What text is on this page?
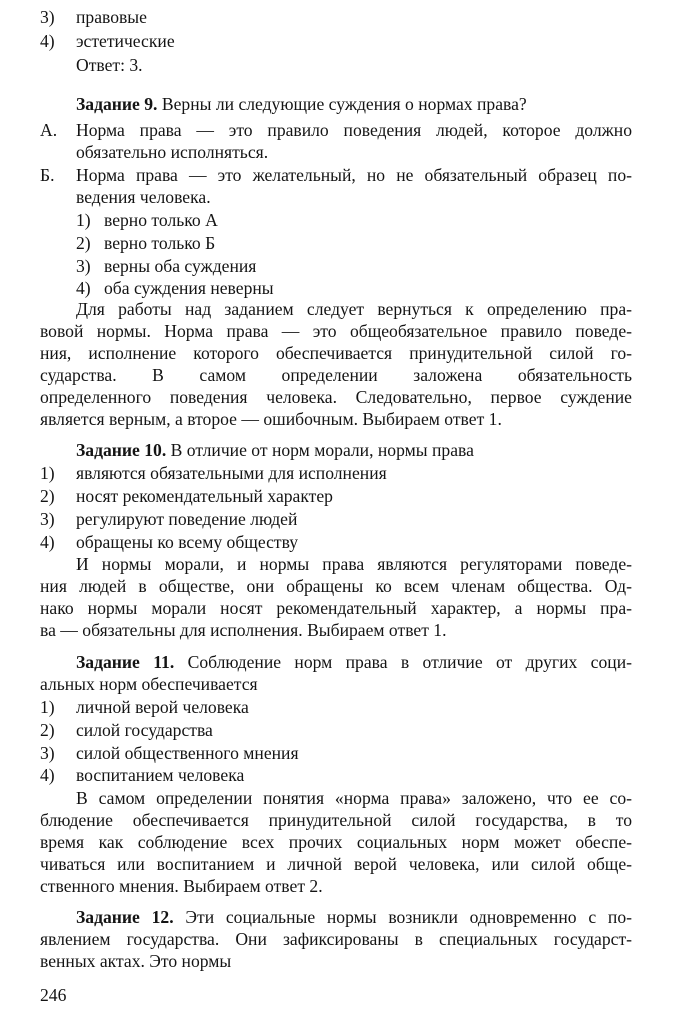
3) правовые
4) эстетические
Ответ: 3.
Задание 9. Верны ли следующие суждения о нормах права?
А. Норма права — это правило поведения людей, которое должно
обязательно исполняться.
Б. Норма права — это желательный, но не обязательный образец по-
ведения человека.
1) верно только А
2) верно только Б
3) верны оба суждения
4) оба суждения неверны
Для работы над заданием следует вернуться к определению пра-
вовой нормы. Норма права — это общеобязательное правило поведе-
ния, исполнение которого обеспечивается принудительной силой го-
сударства. В самом определении заложена обязательность
определенного поведения человека. Следовательно, первое суждение
является верным, а второе — ошибочным. Выбираем ответ 1.
Задание 10. В отличие от норм морали, нормы права
1) являются обязательными для исполнения
2) носят рекомендательный характер
3) регулируют поведение людей
4) обращены ко всему обществу
И нормы морали, и нормы права являются регуляторами поведе-
ния людей в обществе, они обращены ко всем членам общества. Од-
нако нормы морали носят рекомендательный характер, а нормы пра-
ва — обязательны для исполнения. Выбираем ответ 1.
Задание 11. Соблюдение норм права в отличие от других соци-
альных норм обеспечивается
1) личной верой человека
2) силой государства
3) силой общественного мнения
4) воспитанием человека
В самом определении понятия «норма права» заложено, что ее со-
блюдение обеспечивается принудительной силой государства, в то
время как соблюдение всех прочих социальных норм может обеспе-
чиваться или воспитанием и личной верой человека, или силой обще-
ственного мнения. Выбираем ответ 2.
Задание 12. Эти социальные нормы возникли одновременно с по-
явлением государства. Они зафиксированы в специальных государст-
венных актах. Это нормы
246
